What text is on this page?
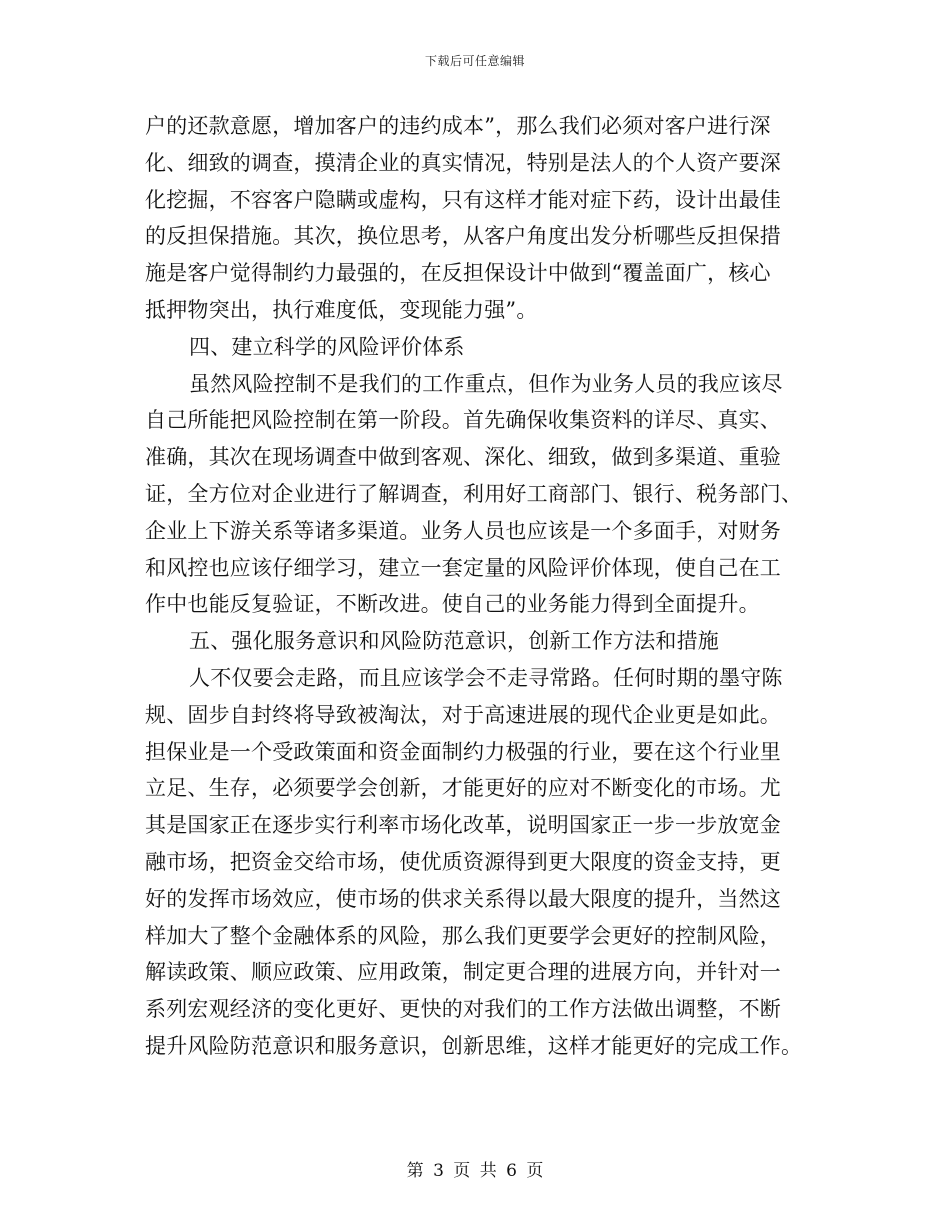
下载后可任意编辑
户的还款意愿，增加客户的违约成本”，那么我们必须对客户进行深
化、细致的调查，摸清企业的真实情况，特别是法人的个人资产要深
化挖掘，不容客户隐瞒或虚构，只有这样才能对症下药，设计出最佳
的反担保措施。其次，换位思考，从客户角度出发分析哪些反担保措
施是客户觉得制约力最强的，在反担保设计中做到“覆盖面广，核心
抵押物突出，执行难度低，变现能力强”。
四、建立科学的风险评价体系
虽然风险控制不是我们的工作重点，但作为业务人员的我应该尽
自己所能把风险控制在第一阶段。首先确保收集资料的详尽、真实、
准确，其次在现场调查中做到客观、深化、细致，做到多渠道、重验
证，全方位对企业进行了解调查，利用好工商部门、银行、税务部门、
企业上下游关系等诸多渠道。业务人员也应该是一个多面手，对财务
和风控也应该仔细学习，建立一套定量的风险评价体现，使自己在工
作中也能反复验证，不断改进。使自己的业务能力得到全面提升。
五、强化服务意识和风险防范意识，创新工作方法和措施
人不仅要会走路，而且应该学会不走寻常路。任何时期的墨守陈
规、固步自封终将导致被淘汰，对于高速进展的现代企业更是如此。
担保业是一个受政策面和资金面制约力极强的行业，要在这个行业里
立足、生存，必须要学会创新，才能更好的应对不断变化的市场。尤
其是国家正在逐步实行利率市场化改革，说明国家正一步一步放宽金
融市场，把资金交给市场，使优质资源得到更大限度的资金支持，更
好的发挥市场效应，使市场的供求关系得以最大限度的提升，当然这
样加大了整个金融体系的风险，那么我们更要学会更好的控制风险，
解读政策、顺应政策、应用政策，制定更合理的进展方向，并针对一
系列宏观经济的变化更好、更快的对我们的工作方法做出调整，不断
提升风险防范意识和服务意识，创新思维，这样才能更好的完成工作。
第 3 页 共 6 页
